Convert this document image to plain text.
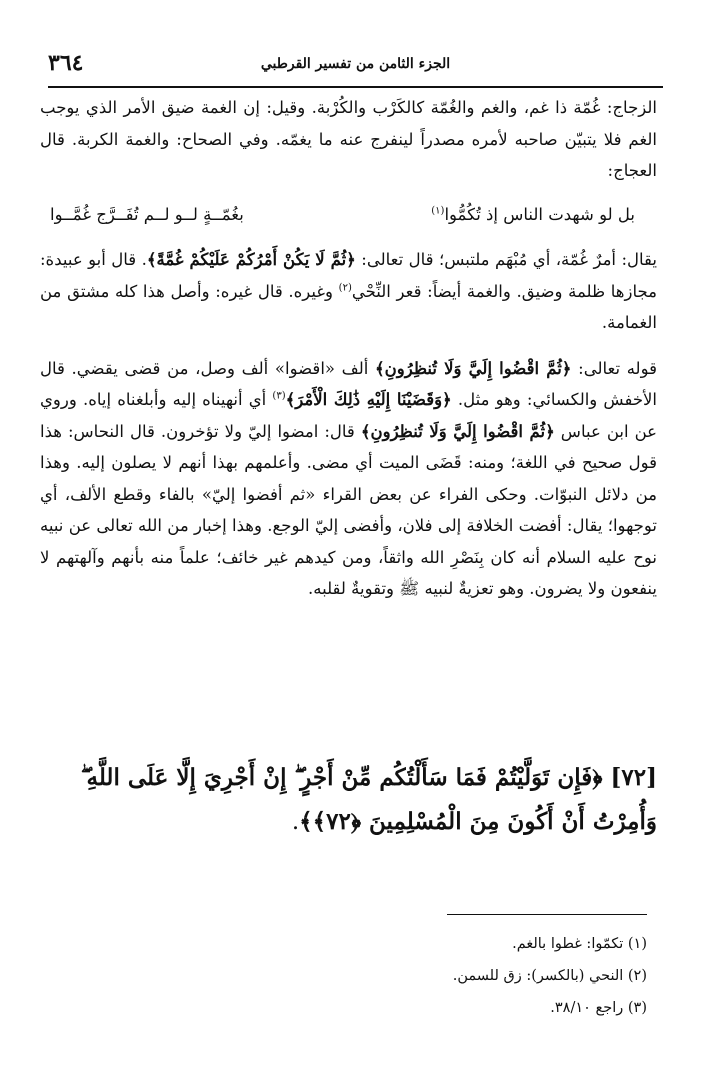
٣٦٤	الجزء الثامن من تفسير القرطبي

الزجاج: غُمّة ذا غم، والغم والغُمّة كالكَرْب والكُرْبة. وقيل: إن الغمة ضيق الأمر الذي يوجب الغم فلا يتبيّن صاحبه لأمره مصدراً لينفرج عنه ما يغمّه. وفي الصحاح: والغمة الكربة. قال العجاج:

بل لو شهدت الناس إذ تُكُمُّوا$^{(١)}$
بغُمّــةٍ لــو لــم تُفَــرَّج غُمَّــوا

يقال: أمرٌ غُمّة، أي مُبْهَم ملتبس؛ قال تعالى: ﴿ثُمَّ لَا يَكُنْ أَمْرُكُمْ عَلَيْكُمْ غُمَّةً﴾. قال أبو عبيدة: مجازها ظلمة وضيق. والغمة أيضاً: قعر النِّحْي$^{(٢)}$ وغيره. قال غيره: وأصل هذا كله مشتق من الغمامة.

قوله تعالى: ﴿ثُمَّ اقْضُوا إِلَيَّ وَلَا تُنظِرُونِ﴾ ألف «اقضوا» ألف وصل، من قضى يقضي. قال الأخفش والكسائي: وهو مثل. ﴿وَقَضَيْنَا إِلَيْهِ ذَٰلِكَ الْأَمْرَ﴾$^{(٣)}$ أي أنهيناه إليه وأبلغناه إياه. وروي عن ابن عباس ﴿ثُمَّ اقْضُوا إِلَيَّ وَلَا تُنظِرُونِ﴾ قال: امضوا إليّ ولا تؤخرون. قال النحاس: هذا قول صحيح في اللغة؛ ومنه: قَضَى الميت أي مضى. وأعلمهم بهذا أنهم لا يصلون إليه. وهذا من دلائل النبوّات. وحكى الفراء عن بعض القراء «ثم أفضوا إليّ» بالفاء وقطع الألف، أي توجهوا؛ يقال: أفضت الخلافة إلى فلان، وأفضى إليّ الوجع. وهذا إخبار من الله تعالى عن نبيه نوح عليه السلام أنه كان بِنَصْرِ الله واثقاً، ومن كيدهم غير خائف؛ علماً منه بأنهم وآلهتهم لا ينفعون ولا يضرون. وهو تعزيةٌ لنبيه ﷺ وتقويةٌ لقلبه.

[٧٢] ﴿فَإِن تَوَلَّيْتُمْ فَمَا سَأَلْتُكُم مِّنْ أَجْرٍ ۖ إِنْ أَجْرِيَ إِلَّا عَلَى اللَّهِ ۖ وَأُمِرْتُ أَنْ أَكُونَ مِنَ الْمُسْلِمِينَ ﴿٧٢﴾﴾.
(١) تكمّوا: غطوا بالغم.
(٢) النحي (بالكسر): زق للسمن.
(٣) راجع ٣٨/١٠.
